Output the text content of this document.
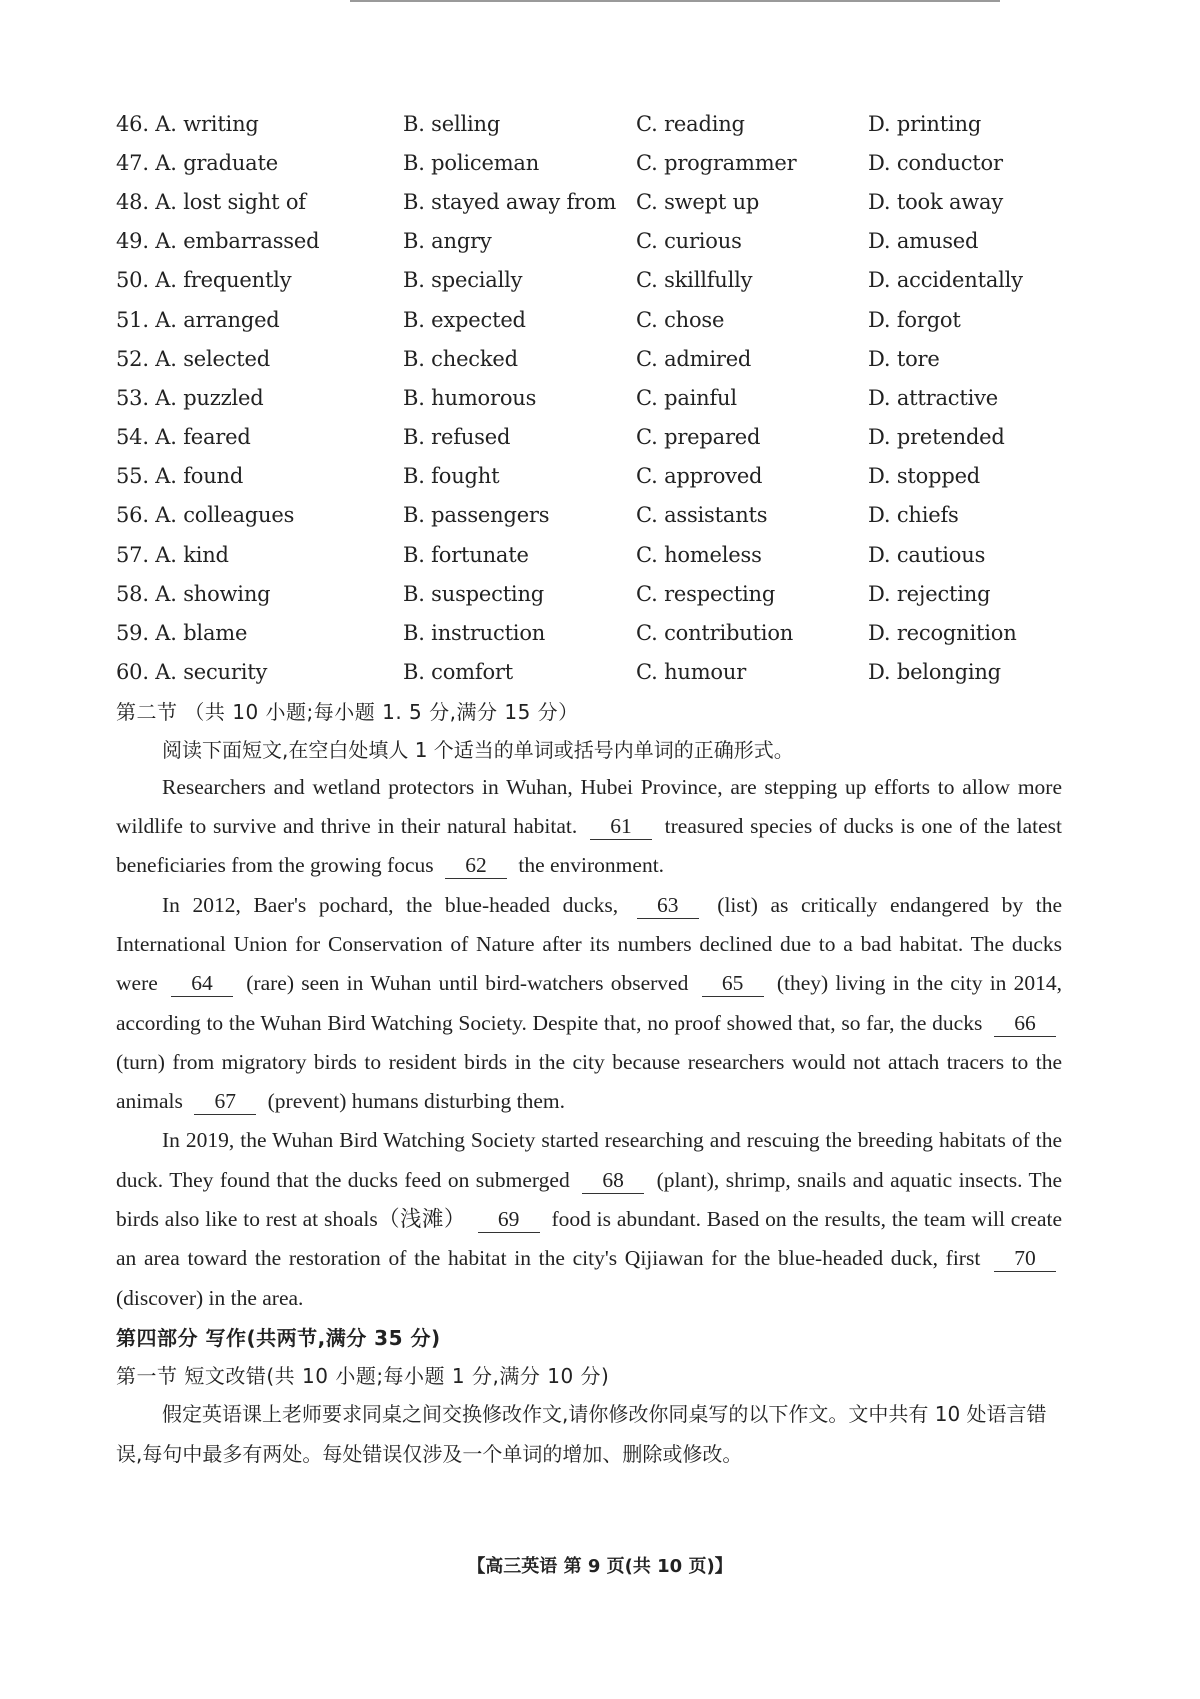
46. A. writing	B. selling	C. reading	D. printing
47. A. graduate	B. policeman	C. programmer	D. conductor
48. A. lost sight of	B. stayed away from C. swept up	D. took away
49. A. embarrassed	B. angry	C. curious	D. amused
50. A. frequently	B. specially	C. skillfully	D. accidentally
51. A. arranged	B. expected	C. chose	D. forgot
52. A. selected	B. checked	C. admired	D. tore
53. A. puzzled	B. humorous	C. painful	D. attractive
54. A. feared	B. refused	C. prepared	D. pretended
55. A. found	B. fought	C. approved	D. stopped
56. A. colleagues	B. passengers	C. assistants	D. chiefs
57. A. kind	B. fortunate	C. homeless	D. cautious
58. A. showing	B. suspecting	C. respecting	D. rejecting
59. A. blame	B. instruction	C. contribution	D. recognition
60. A. security	B. comfort	C. humour	D. belonging
第二节 （共 10 小题;每小题 1. 5 分,满分 15 分）
阅读下面短文,在空白处填人 1 个适当的单词或括号内单词的正确形式。

Researchers and wetland protectors in Wuhan, Hubei Province, are stepping up efforts to allow more wildlife to survive and thrive in their natural habitat. 61 treasured species of ducks is one of the latest beneficiaries from the growing focus 62 the environment.

In 2012, Baer's pochard, the blue-headed ducks, 63 (list) as critically endangered by the International Union for Conservation of Nature after its numbers declined due to a bad habitat. The ducks were 64 (rare) seen in Wuhan until bird-watchers observed 65 (they) living in the city in 2014, according to the Wuhan Bird Watching Society. Despite that, no proof showed that, so far, the ducks 66 (turn) from migratory birds to resident birds in the city because researchers would not attach tracers to the animals 67 (prevent) humans disturbing them.

In 2019, the Wuhan Bird Watching Society started researching and rescuing the breeding habitats of the duck. They found that the ducks feed on submerged 68 (plant), shrimp, snails and aquatic insects. The birds also like to rest at shoals（浅滩） 69 food is abundant. Based on the results, the team will create an area toward the restoration of the habitat in the city's Qijiawan for the blue-headed duck, first 70 (discover) in the area.

第四部分 写作(共两节,满分 35 分)
第一节 短文改错(共 10 小题;每小题 1 分,满分 10 分)

假定英语课上老师要求同桌之间交换修改作文,请你修改你同桌写的以下作文。文中共有 10 处语言错误,每句中最多有两处。每处错误仅涉及一个单词的增加、删除或修改。

【高三英语 第 9 页(共 10 页)】
